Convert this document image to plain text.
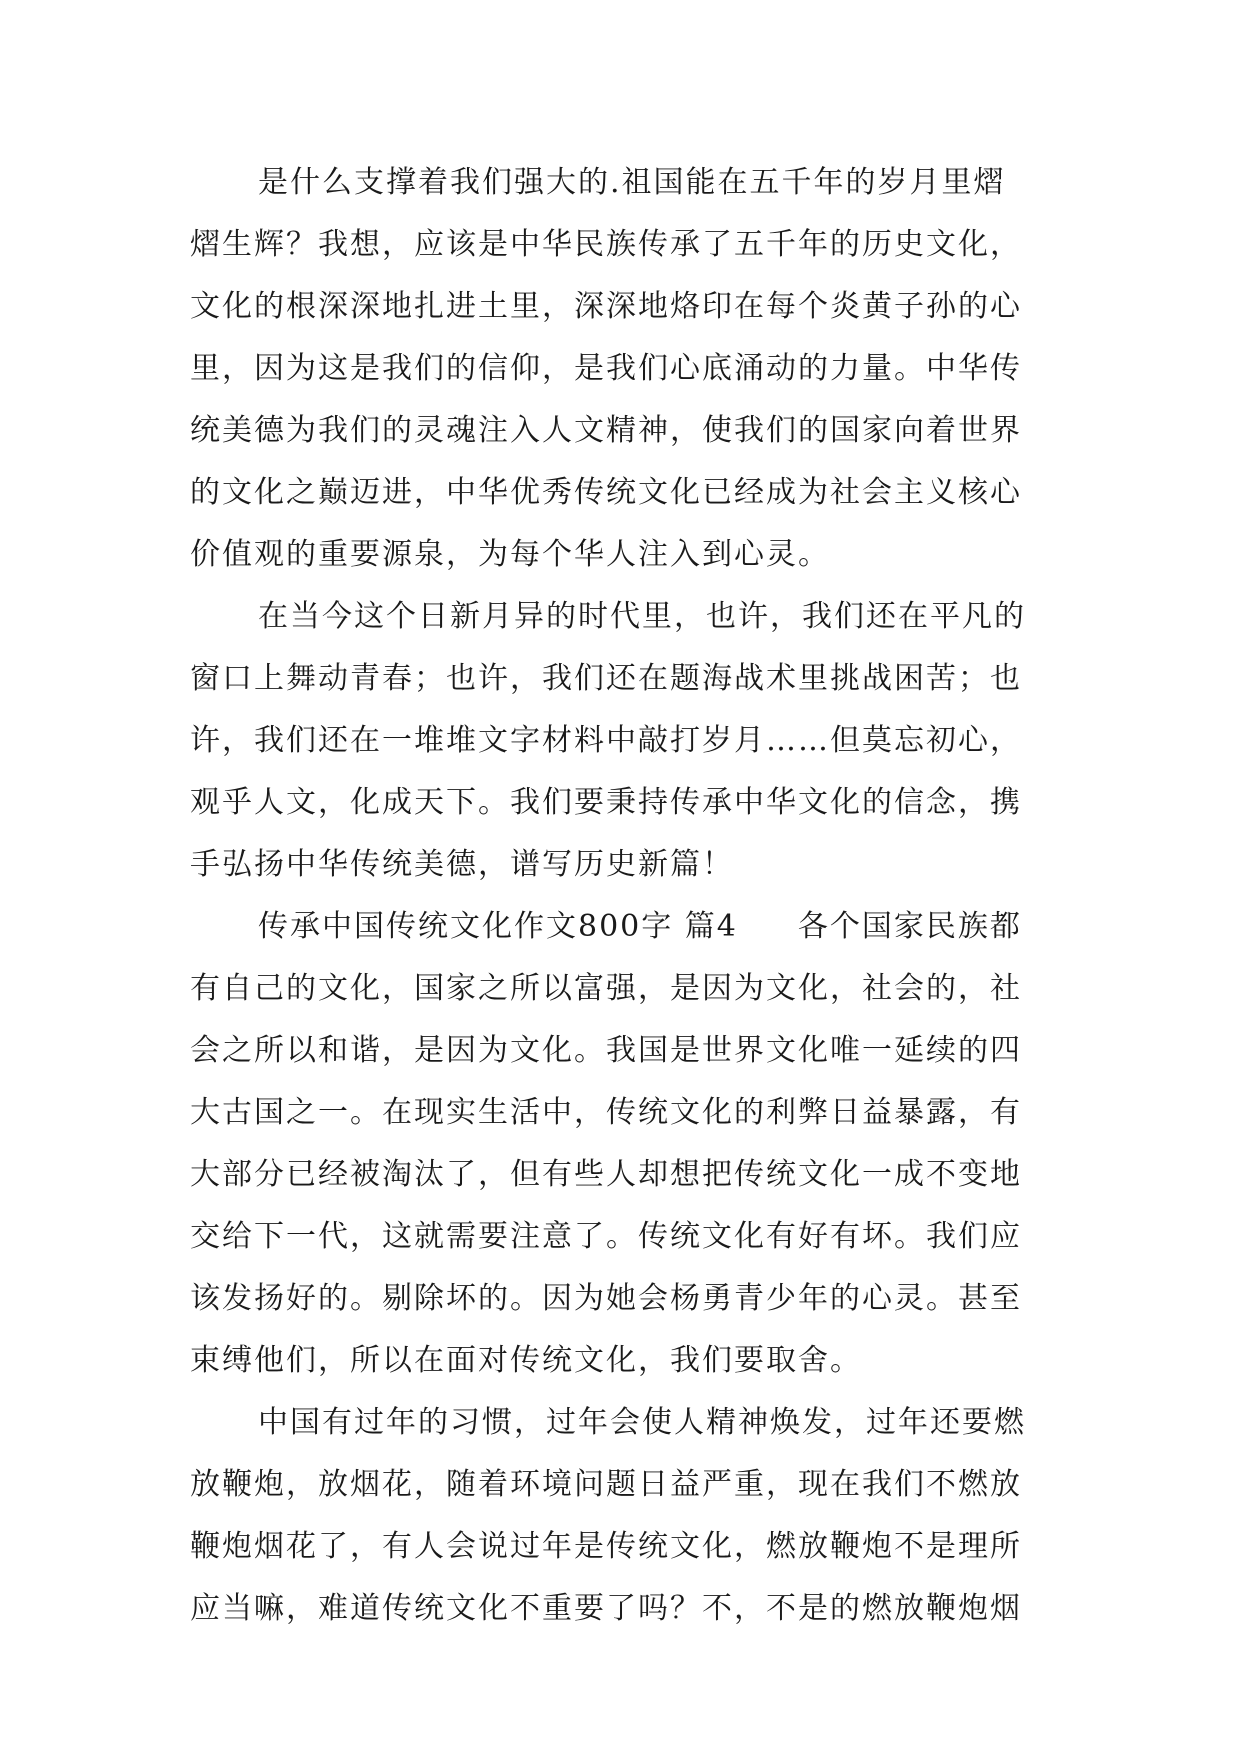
是什么支撑着我们强大的.祖国能在五千年的岁月里熠
熠生辉？我想，应该是中华民族传承了五千年的历史文化，
文化的根深深地扎进土里，深深地烙印在每个炎黄子孙的心
里，因为这是我们的信仰，是我们心底涌动的力量。中华传
统美德为我们的灵魂注入人文精神，使我们的国家向着世界
的文化之巅迈进，中华优秀传统文化已经成为社会主义核心
价值观的重要源泉，为每个华人注入到心灵。
在当今这个日新月异的时代里，也许，我们还在平凡的
窗口上舞动青春；也许，我们还在题海战术里挑战困苦；也
许，我们还在一堆堆文字材料中敲打岁月……但莫忘初心，
观乎人文，化成天下。我们要秉持传承中华文化的信念，携
手弘扬中华传统美德，谱写历史新篇！
传承中国传统文化作文800字 篇4 各个国家民族都
有自己的文化，国家之所以富强，是因为文化，社会的，社
会之所以和谐，是因为文化。我国是世界文化唯一延续的四
大古国之一。在现实生活中，传统文化的利弊日益暴露，有
大部分已经被淘汰了，但有些人却想把传统文化一成不变地
交给下一代，这就需要注意了。传统文化有好有坏。我们应
该发扬好的。剔除坏的。因为她会杨勇青少年的心灵。甚至
束缚他们，所以在面对传统文化，我们要取舍。
中国有过年的习惯，过年会使人精神焕发，过年还要燃
放鞭炮，放烟花，随着环境问题日益严重，现在我们不燃放
鞭炮烟花了，有人会说过年是传统文化，燃放鞭炮不是理所
应当嘛，难道传统文化不重要了吗？不，不是的燃放鞭炮烟
